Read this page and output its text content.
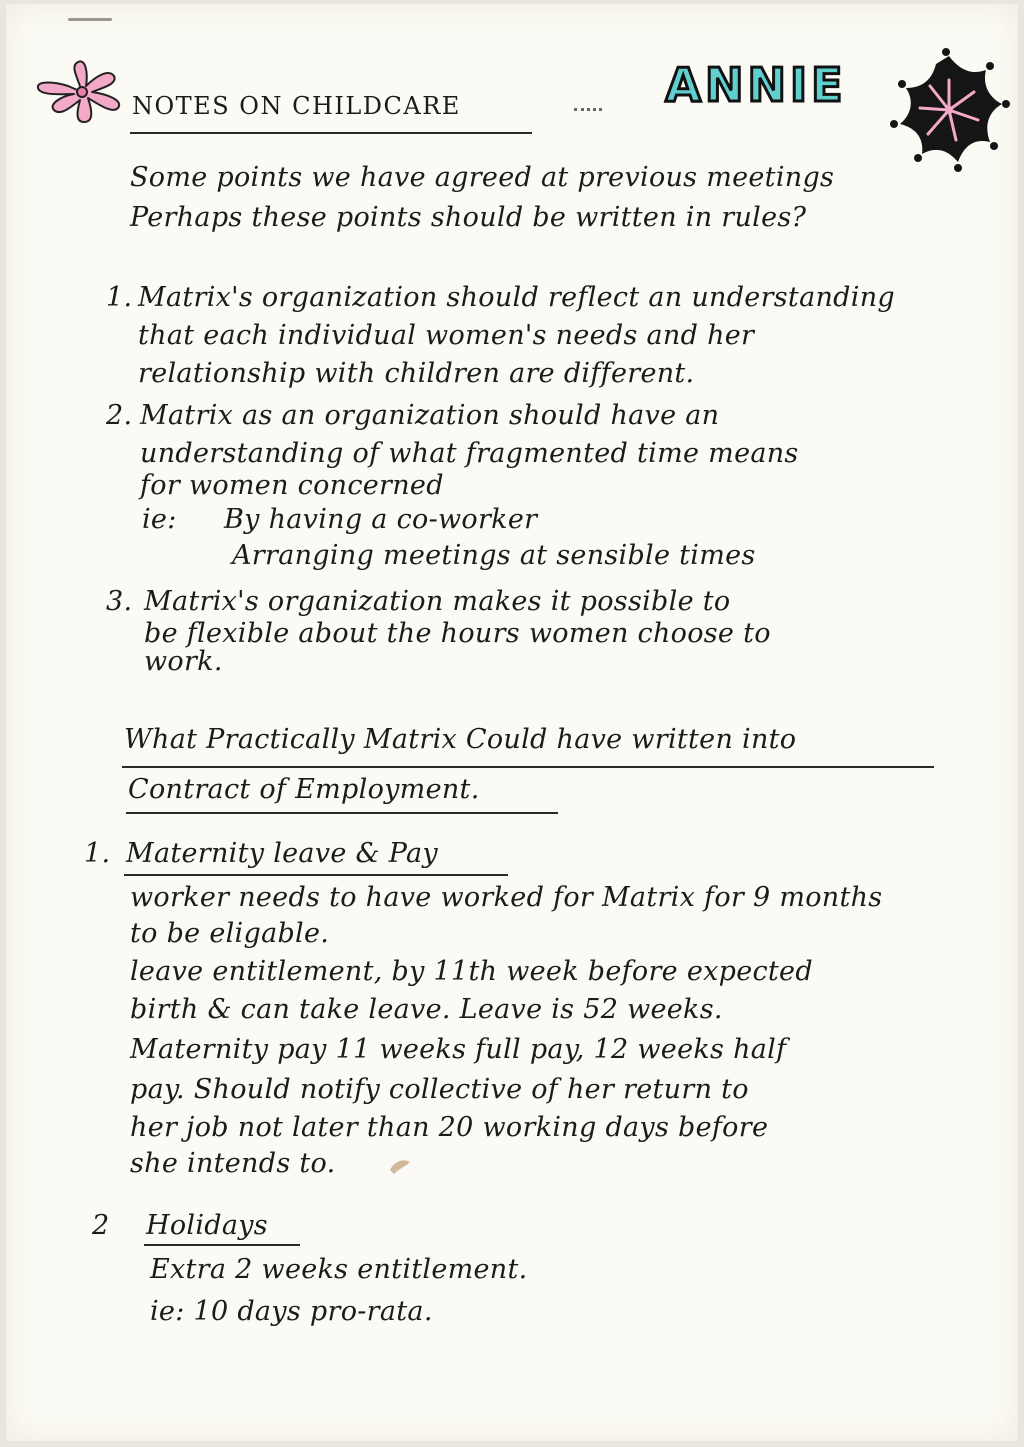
NOTES ON CHILDCARE	ANNIE
Some points we have agreed at previous meetings
Perhaps these points should be written in rules?
1. Matrix's organization should reflect an understanding
that each individual women's needs and her
relationship with children are different.
2. Matrix as an organization should have an
understanding of what fragmented time means
for women concerned
ie: By having a co-worker
Arranging meetings at sensible times
3. Matrix's organization makes it possible to
be flexible about the hours women choose to
work.
What Practically Matrix Could have written into
Contract of Employment.
1. Maternity leave & Pay
worker needs to have worked for Matrix for 9 months
to be eligable.
leave entitlement, by 11th week before expected
birth & can take leave. Leave is 52 weeks.
Maternity pay 11 weeks full pay, 12 weeks half
pay. Should notify collective of her return to
her job not later than 20 working days before
she intends to.
2 Holidays
Extra 2 weeks entitlement.
ie: 10 days pro-rata.
